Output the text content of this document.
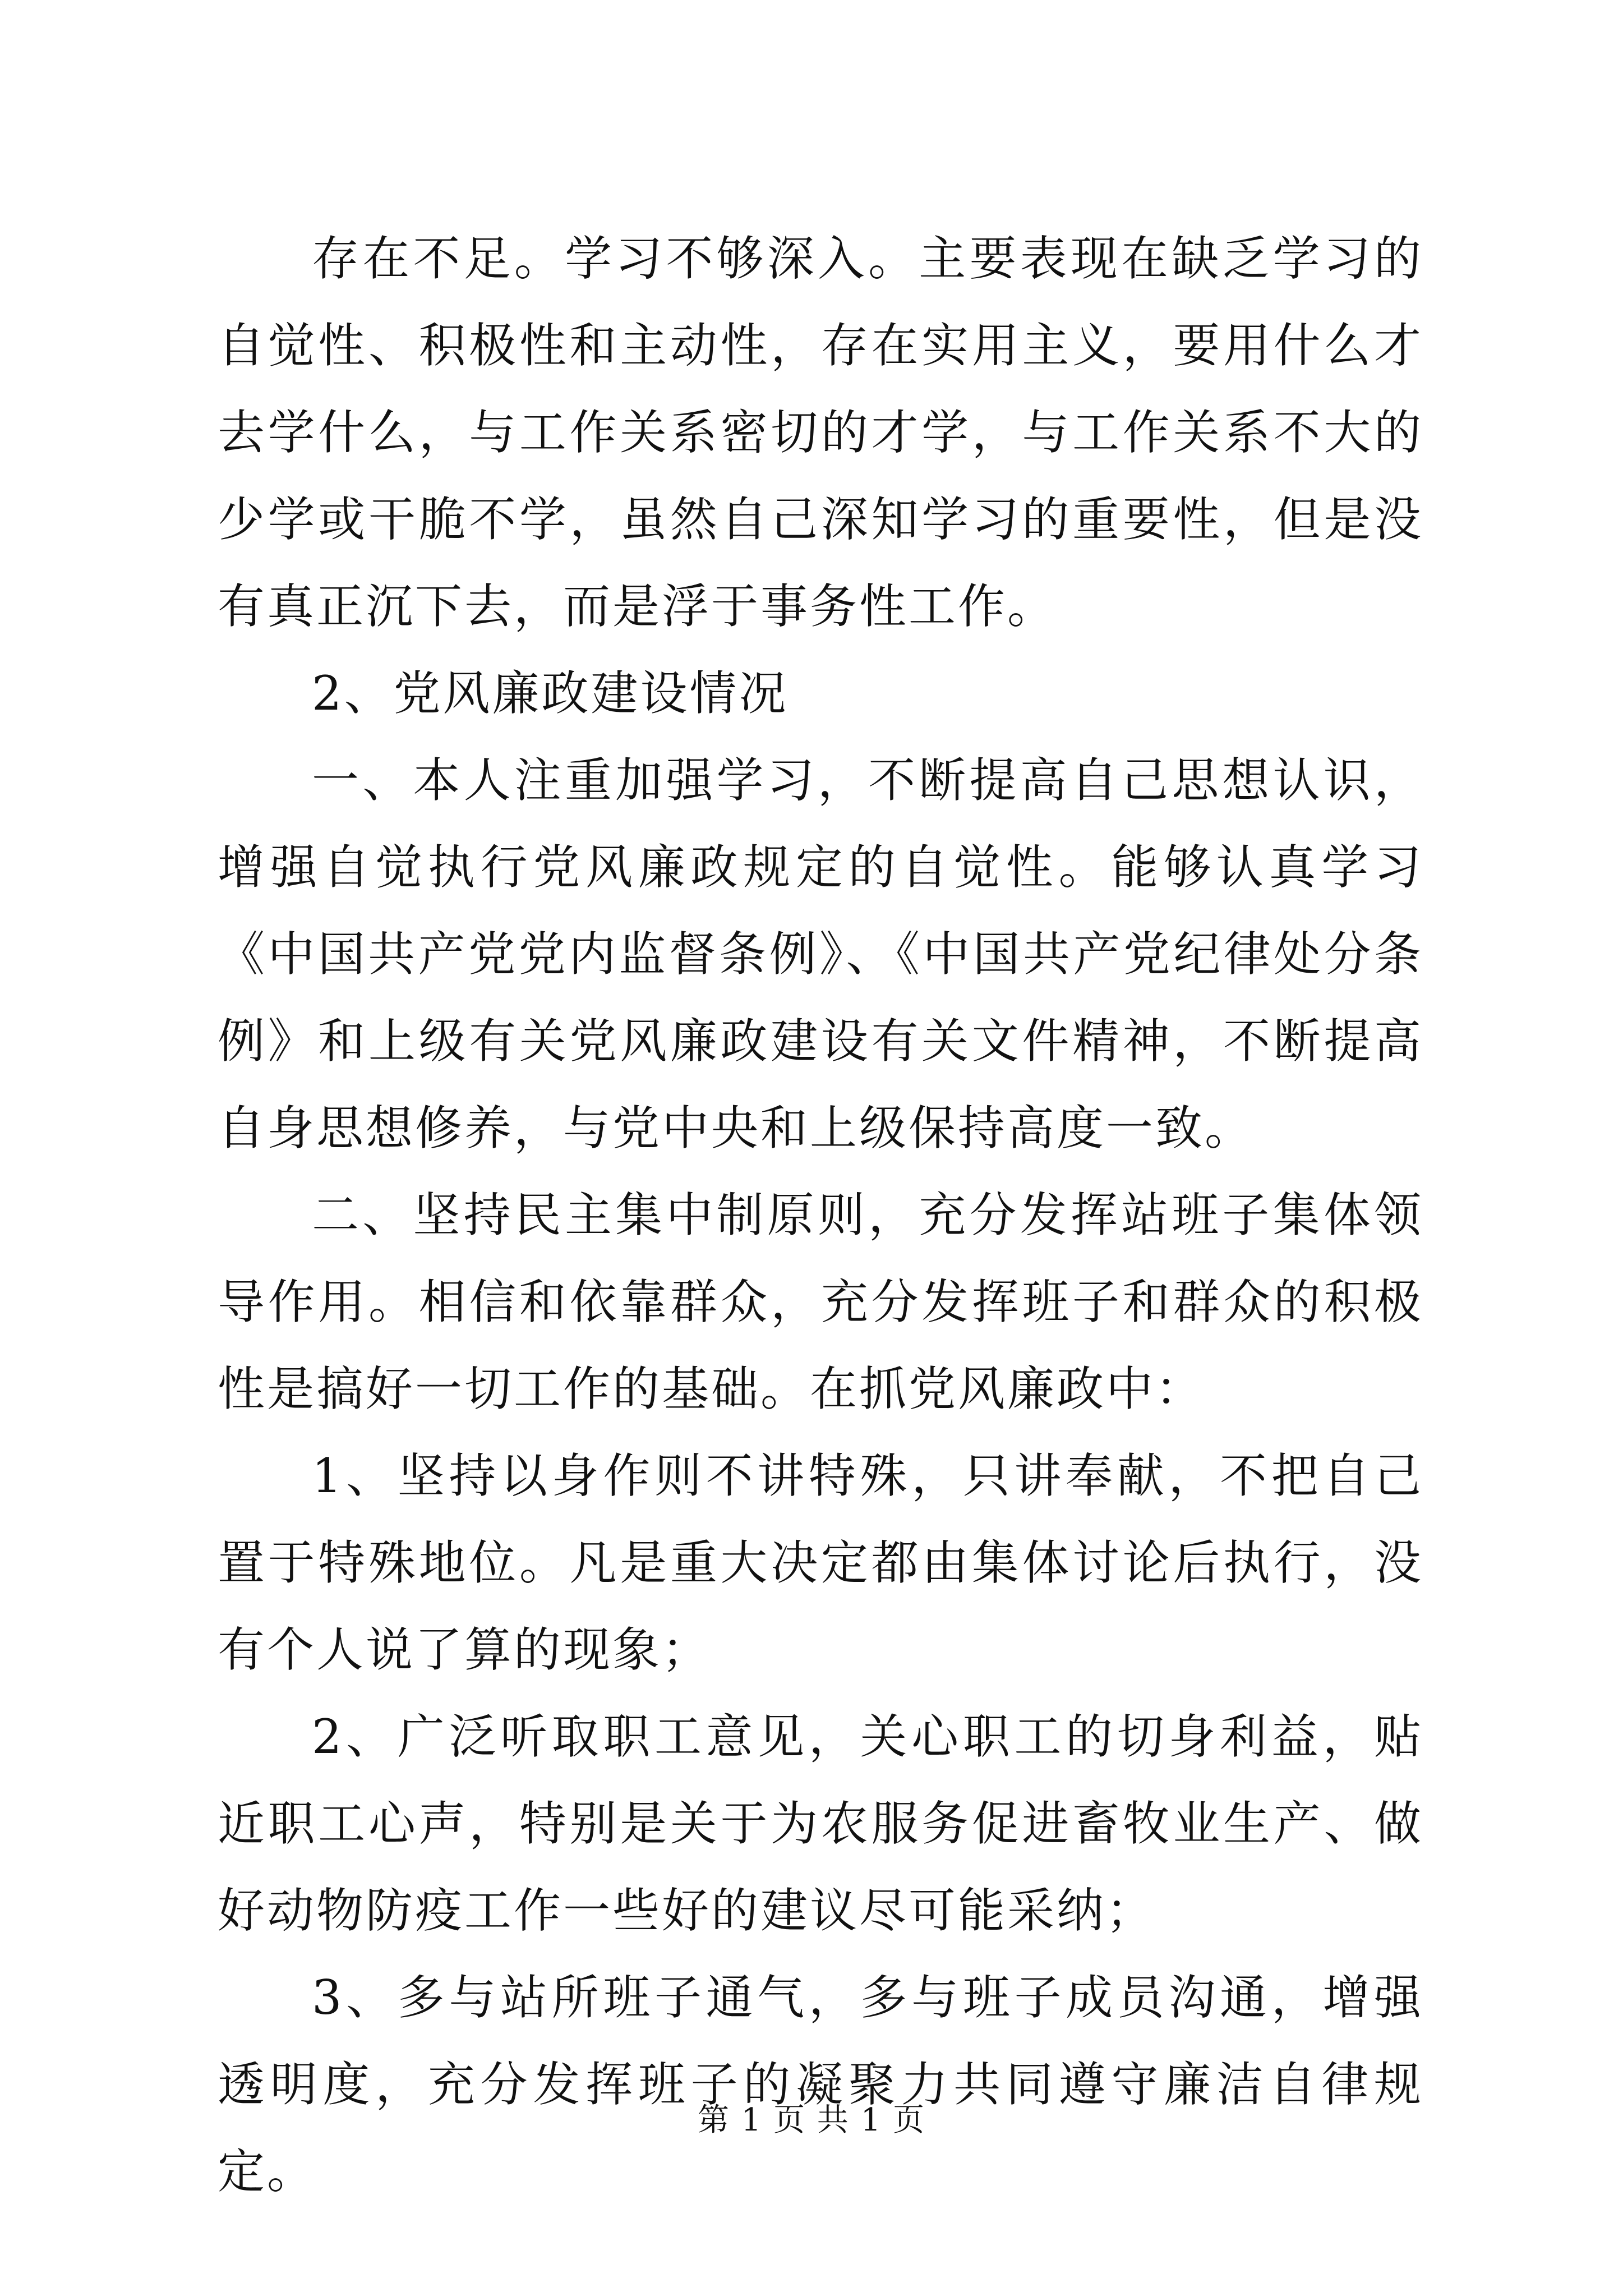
存在不足。学习不够深入。主要表现在缺乏学习的自觉性、积极性和主动性，存在实用主义，要用什么才去学什么，与工作关系密切的才学，与工作关系不大的少学或干脆不学，虽然自己深知学习的重要性，但是没有真正沉下去，而是浮于事务性工作。

2、党风廉政建设情况

一、本人注重加强学习，不断提高自己思想认识，增强自觉执行党风廉政规定的自觉性。能够认真学习《中国共产党党内监督条例》、《中国共产党纪律处分条例》和上级有关党风廉政建设有关文件精神，不断提高自身思想修养，与党中央和上级保持高度一致。

二、坚持民主集中制原则，充分发挥站班子集体领导作用。相信和依靠群众，充分发挥班子和群众的积极性是搞好一切工作的基础。在抓党风廉政中：

1、坚持以身作则不讲特殊，只讲奉献，不把自己置于特殊地位。凡是重大决定都由集体讨论后执行，没有个人说了算的现象；

2、广泛听取职工意见，关心职工的切身利益，贴近职工心声，特别是关于为农服务促进畜牧业生产、做好动物防疫工作一些好的建议尽可能采纳；

3、多与站所班子通气，多与班子成员沟通，增强透明度，充分发挥班子的凝聚力共同遵守廉洁自律规定。

第 1 页 共 1 页
